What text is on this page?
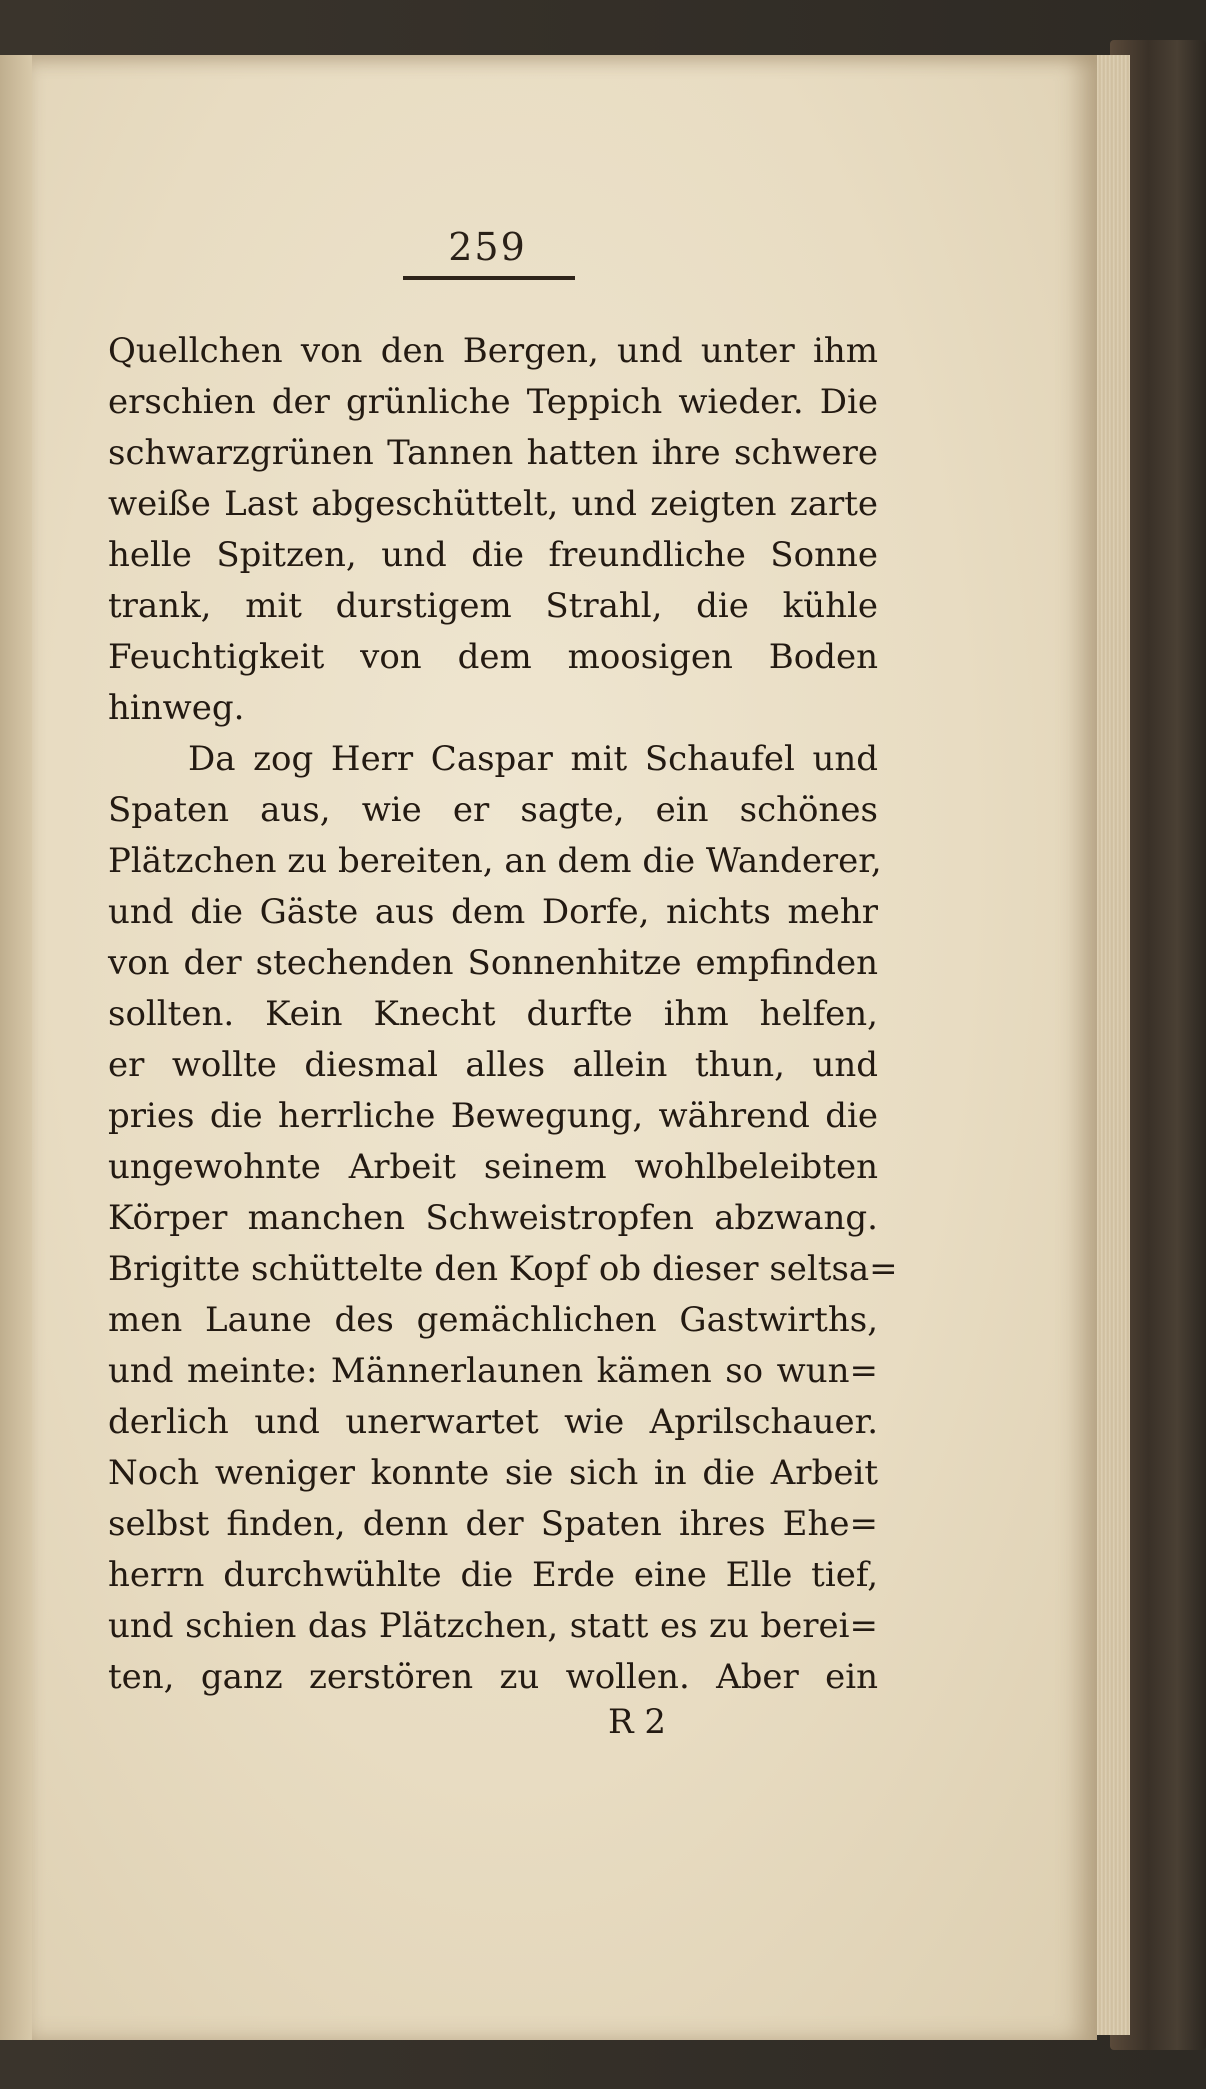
259
Quellchen von den Bergen, und unter ihm
erschien der grünliche Teppich wieder. Die
schwarzgrünen Tannen hatten ihre schwere
weiße Last abgeschüttelt, und zeigten zarte
helle Spitzen, und die freundliche Sonne
trank, mit durstigem Strahl, die kühle
Feuchtigkeit von dem moosigen Boden
hinweg.
Da zog Herr Caspar mit Schaufel und
Spaten aus, wie er sagte, ein schönes
Plätzchen zu bereiten, an dem die Wanderer,
und die Gäste aus dem Dorfe, nichts mehr
von der stechenden Sonnenhitze empfinden
sollten. Kein Knecht durfte ihm helfen,
er wollte diesmal alles allein thun, und
pries die herrliche Bewegung, während die
ungewohnte Arbeit seinem wohlbeleibten
Körper manchen Schweistropfen abzwang.
Brigitte schüttelte den Kopf ob dieser seltsa=
men Laune des gemächlichen Gastwirths,
und meinte: Männerlaunen kämen so wun=
derlich und unerwartet wie Aprilschauer.
Noch weniger konnte sie sich in die Arbeit
selbst finden, denn der Spaten ihres Ehe=
herrn durchwühlte die Erde eine Elle tief,
und schien das Plätzchen, statt es zu berei=
ten, ganz zerstören zu wollen. Aber ein
R 2
